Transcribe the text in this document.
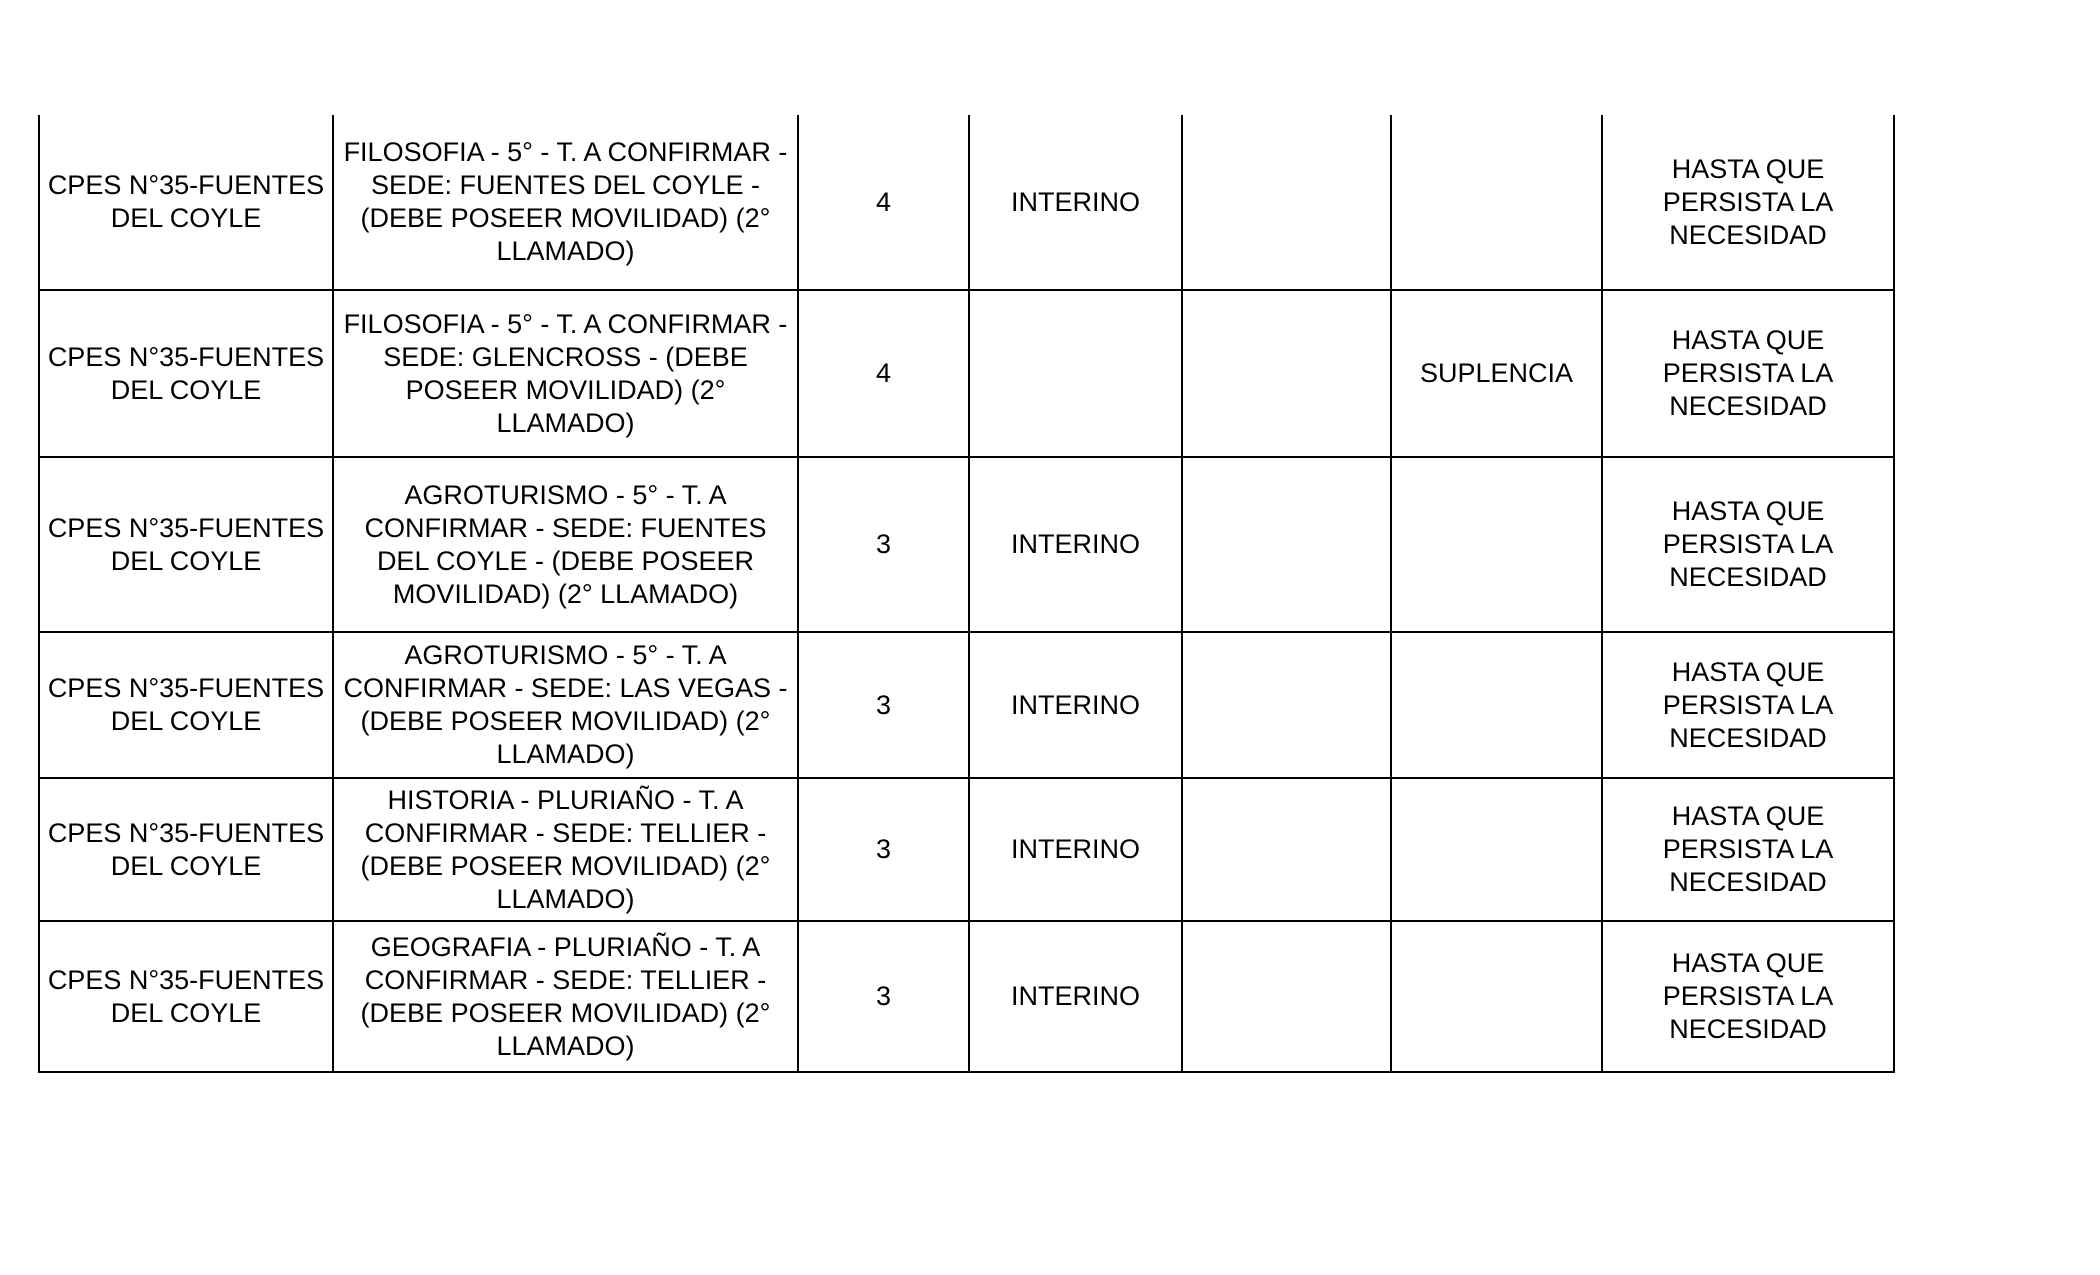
CPES N°35-FUENTES DEL COYLE	FILOSOFIA - 5° - T. A CONFIRMAR - SEDE: FUENTES DEL COYLE - (DEBE POSEER MOVILIDAD) (2° LLAMADO)	4	INTERINO			HASTA QUE PERSISTA LA NECESIDAD

CPES N°35-FUENTES DEL COYLE	FILOSOFIA - 5° - T. A CONFIRMAR - SEDE: GLENCROSS - (DEBE POSEER MOVILIDAD) (2° LLAMADO)	4			SUPLENCIA	HASTA QUE PERSISTA LA NECESIDAD

CPES N°35-FUENTES DEL COYLE	AGROTURISMO - 5° - T. A CONFIRMAR - SEDE: FUENTES DEL COYLE - (DEBE POSEER MOVILIDAD) (2° LLAMADO)	3	INTERINO			HASTA QUE PERSISTA LA NECESIDAD

CPES N°35-FUENTES DEL COYLE	AGROTURISMO - 5° - T. A CONFIRMAR - SEDE: LAS VEGAS - (DEBE POSEER MOVILIDAD) (2° LLAMADO)	3	INTERINO			HASTA QUE PERSISTA LA NECESIDAD

CPES N°35-FUENTES DEL COYLE	HISTORIA - PLURIAÑO - T. A CONFIRMAR - SEDE: TELLIER - (DEBE POSEER MOVILIDAD) (2° LLAMADO)	3	INTERINO			HASTA QUE PERSISTA LA NECESIDAD

CPES N°35-FUENTES DEL COYLE	GEOGRAFIA - PLURIAÑO - T. A CONFIRMAR - SEDE: TELLIER - (DEBE POSEER MOVILIDAD) (2° LLAMADO)	3	INTERINO			HASTA QUE PERSISTA LA NECESIDAD
